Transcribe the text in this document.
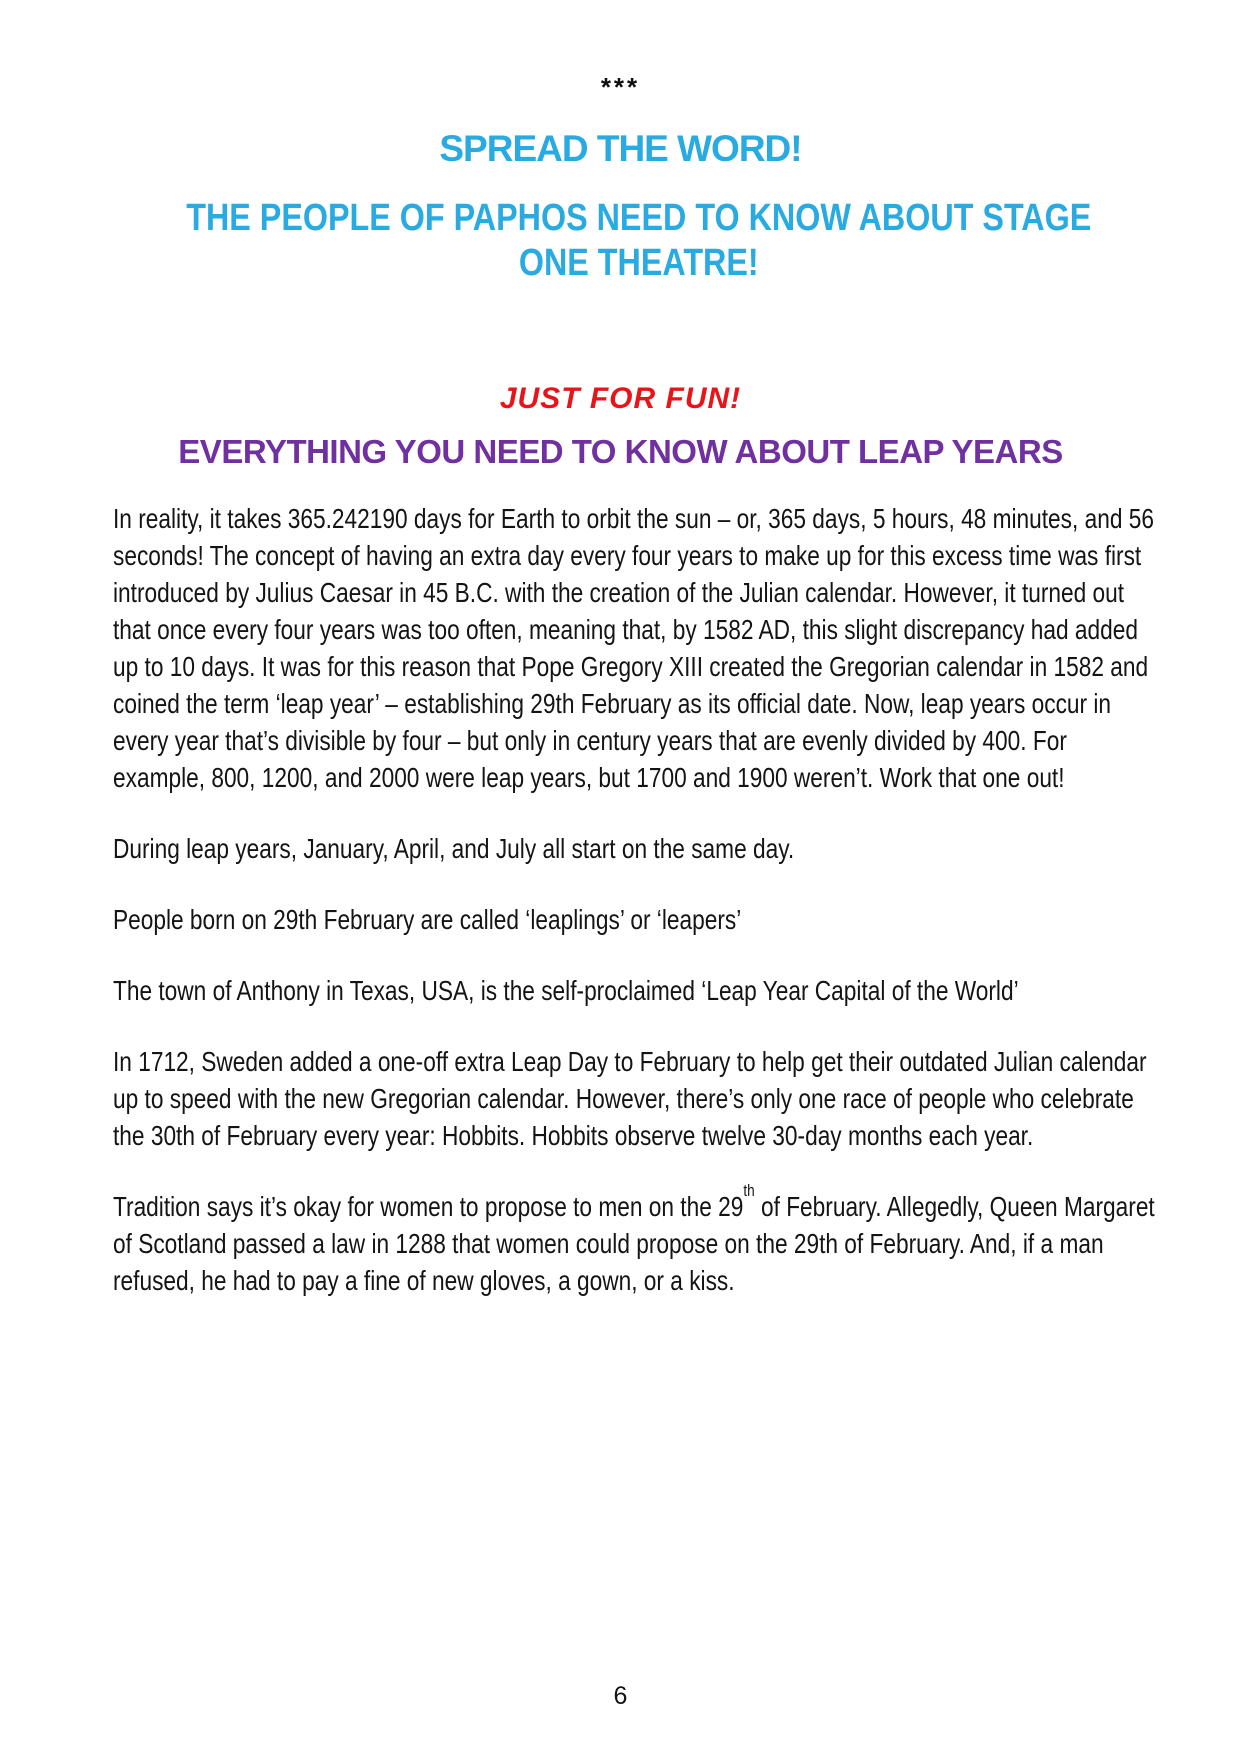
***
SPREAD THE WORD!
THE PEOPLE OF PAPHOS NEED TO KNOW ABOUT STAGE ONE THEATRE!
JUST FOR FUN!
EVERYTHING YOU NEED TO KNOW ABOUT LEAP YEARS

In reality, it takes 365.242190 days for Earth to orbit the sun – or, 365 days, 5 hours, 48 minutes, and 56 seconds! The concept of having an extra day every four years to make up for this excess time was first introduced by Julius Caesar in 45 B.C. with the creation of the Julian calendar. However, it turned out that once every four years was too often, meaning that, by 1582 AD, this slight discrepancy had added up to 10 days. It was for this reason that Pope Gregory XIII created the Gregorian calendar in 1582 and coined the term ‘leap year’ – establishing 29th February as its official date. Now, leap years occur in every year that’s divisible by four – but only in century years that are evenly divided by 400. For example, 800, 1200, and 2000 were leap years, but 1700 and 1900 weren’t. Work that one out!

During leap years, January, April, and July all start on the same day.

People born on 29th February are called ‘leaplings’ or ‘leapers’

The town of Anthony in Texas, USA, is the self-proclaimed ‘Leap Year Capital of the World’

In 1712, Sweden added a one-off extra Leap Day to February to help get their outdated Julian calendar up to speed with the new Gregorian calendar. However, there’s only one race of people who celebrate the 30th of February every year: Hobbits. Hobbits observe twelve 30-day months each year.

Tradition says it’s okay for women to propose to men on the 29th of February. Allegedly, Queen Margaret of Scotland passed a law in 1288 that women could propose on the 29th of February. And, if a man refused, he had to pay a fine of new gloves, a gown, or a kiss.

6
